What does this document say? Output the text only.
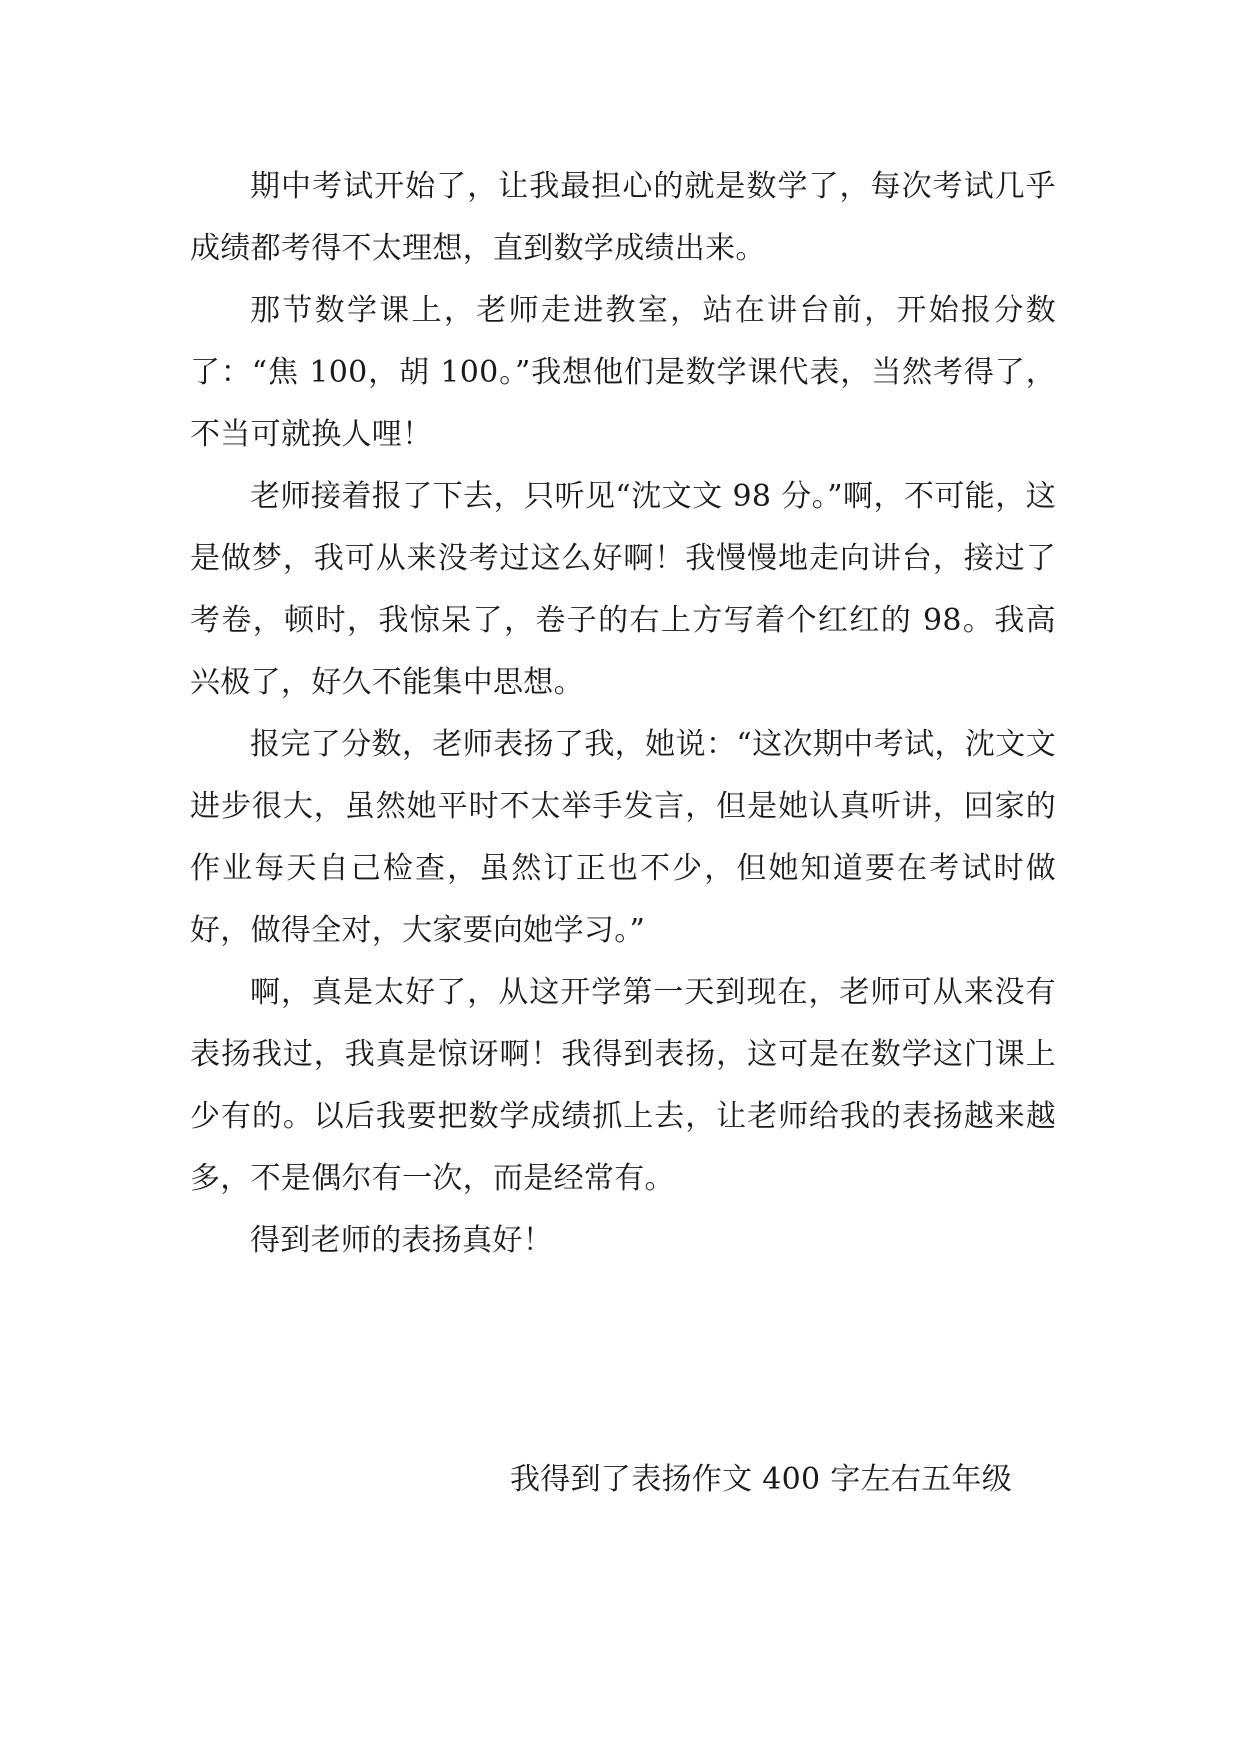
期中考试开始了，让我最担心的就是数学了，每次考试几乎成绩都考得不太理想，直到数学成绩出来。

那节数学课上，老师走进教室，站在讲台前，开始报分数了：“焦 100，胡 100。”我想他们是数学课代表，当然考得了，不当可就换人哩！

老师接着报了下去，只听见“沈文文 98 分。”啊，不可能，这是做梦，我可从来没考过这么好啊！我慢慢地走向讲台，接过了考卷，顿时，我惊呆了，卷子的右上方写着个红红的 98。我高兴极了，好久不能集中思想。

报完了分数，老师表扬了我，她说：“这次期中考试，沈文文进步很大，虽然她平时不太举手发言，但是她认真听讲，回家的作业每天自己检查，虽然订正也不少，但她知道要在考试时做好，做得全对，大家要向她学习。”

啊，真是太好了，从这开学第一天到现在，老师可从来没有表扬我过，我真是惊讶啊！我得到表扬，这可是在数学这门课上少有的。以后我要把数学成绩抓上去，让老师给我的表扬越来越多，不是偶尔有一次，而是经常有。

得到老师的表扬真好！

我得到了表扬作文 400 字左右五年级
